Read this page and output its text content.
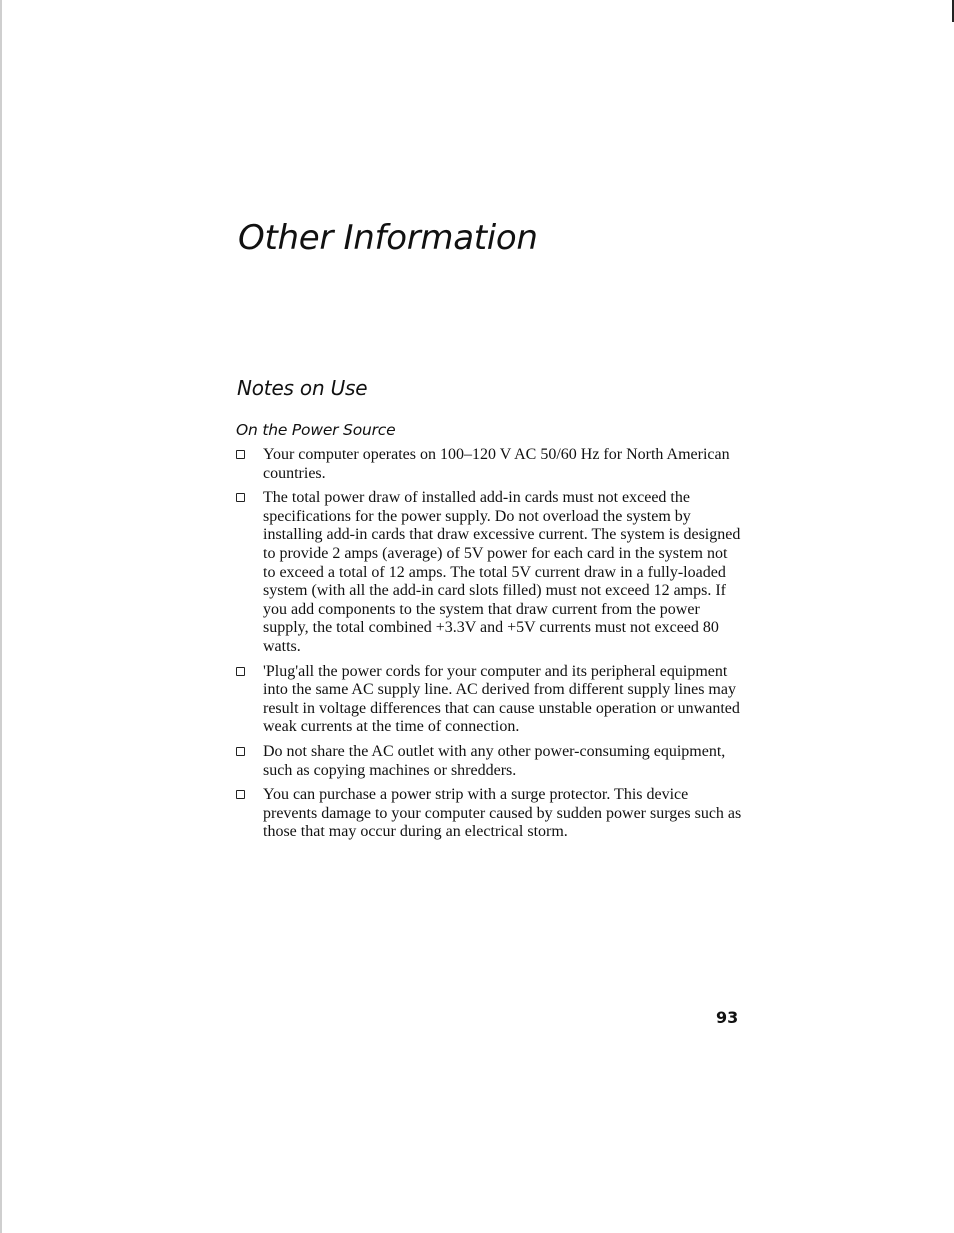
Other Information
Notes on Use
On the Power Source
Your computer operates on 100–120 V AC 50/60 Hz for North American countries.
The total power draw of installed add-in cards must not exceed the specifications for the power supply. Do not overload the system by installing add-in cards that draw excessive current. The system is designed to provide 2 amps (average) of 5V power for each card in the system not to exceed a total of 12 amps. The total 5V current draw in a fully-loaded system (with all the add-in card slots filled) must not exceed 12 amps. If you add components to the system that draw current from the power supply, the total combined +3.3V and +5V currents must not exceed 80 watts.
'Plug'all the power cords for your computer and its peripheral equipment into the same AC supply line. AC derived from different supply lines may result in voltage differences that can cause unstable operation or unwanted weak currents at the time of connection.
Do not share the AC outlet with any other power-consuming equipment, such as copying machines or shredders.
You can purchase a power strip with a surge protector. This device prevents damage to your computer caused by sudden power surges such as those that may occur during an electrical storm.
93
